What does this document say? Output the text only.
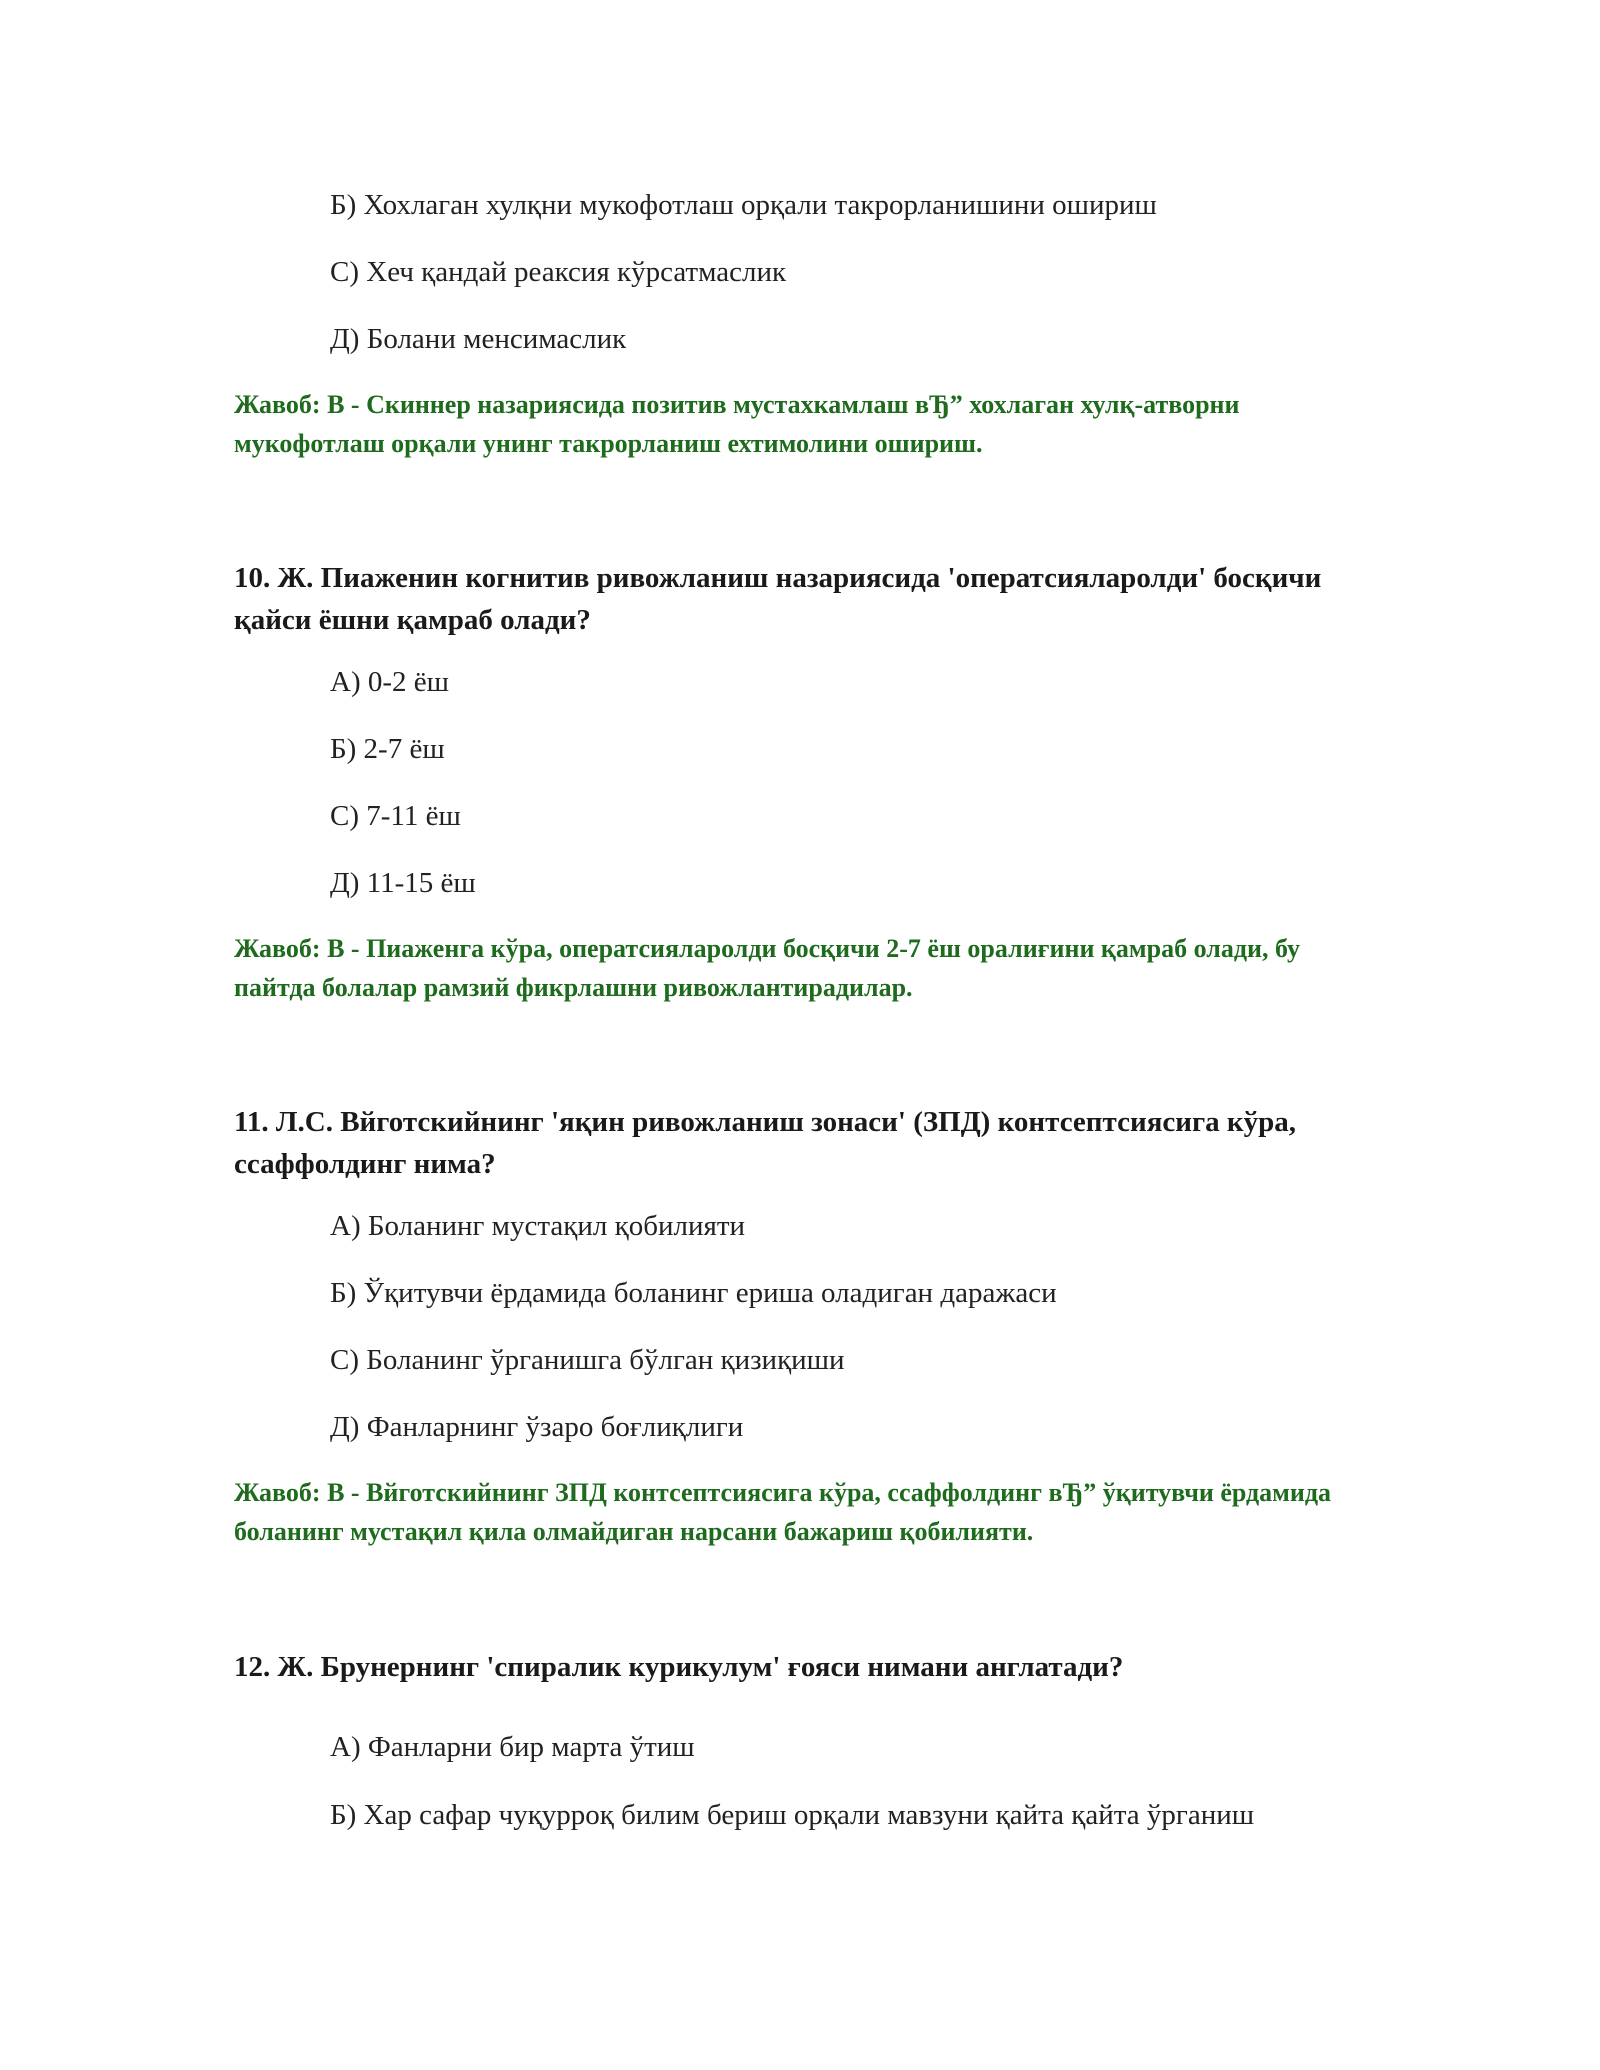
Б) Хохлаган хулқни мукофотлаш орқали такрорланишини ошириш
С) Хеч қандай реаксия кўрсатмаслик
Д) Болани менсимаслик
Жавоб: В - Скиннер назариясида позитив мустахкамлаш вЂ” хохлаган хулқ-атворни мукофотлаш орқали унинг такрорланиш ехтимолини ошириш.
10. Ж. Пиаженин когнитив ривожланиш назариясида 'оператсияларолди' босқичи қайси ёшни қамраб олади?
А) 0-2 ёш
Б) 2-7 ёш
С) 7-11 ёш
Д) 11-15 ёш
Жавоб: В - Пиаженга кўра, оператсияларолди босқичи 2-7 ёш оралиғини қамраб олади, бу пайтда болалар рамзий фикрлашни ривожлантирадилар.
11. Л.С. Вйготскийнинг 'яқин ривожланиш зонаси' (ЗПД) контсептсиясига кўра, ссаффолдинг нима?
А) Боланинг мустақил қобилияти
Б) Ўқитувчи ёрдамида боланинг ериша оладиган даражаси
С) Боланинг ўрганишга бўлган қизиқиши
Д) Фанларнинг ўзаро боғлиқлиги
Жавоб: В - Вйготскийнинг ЗПД контсептсиясига кўра, ссаффолдинг вЂ” ўқитувчи ёрдамида боланинг мустақил қила олмайдиган нарсани бажариш қобилияти.
12. Ж. Брунернинг 'спиралик курикулум' ғояси нимани англатади?
А) Фанларни бир марта ўтиш
Б) Хар сафар чуқурроқ билим бериш орқали мавзуни қайта қайта ўрганиш
